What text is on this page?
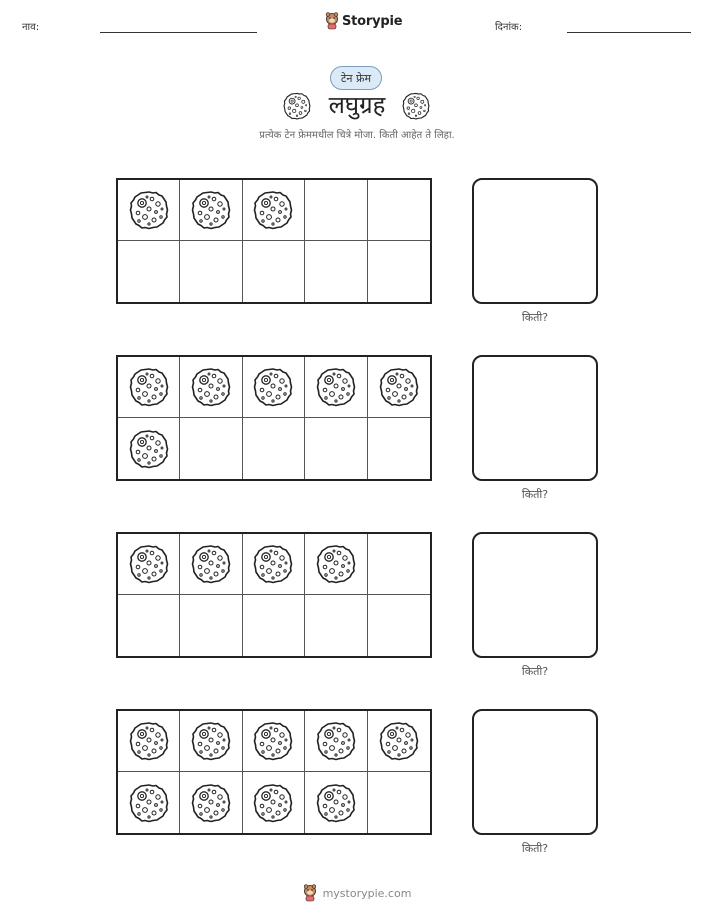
नाव:	Storypie	दिनांक:
टेन फ्रेम
लघुग्रह
प्रत्येक टेन फ्रेममधील चित्रे मोजा. किती आहेत ते लिहा.
किती?
किती?
किती?
किती?
mystorypie.com
